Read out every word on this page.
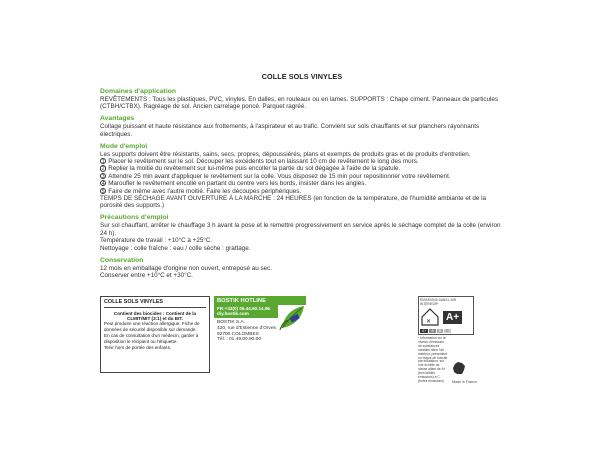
COLLE SOLS VINYLES
Domaines d'application

REVÊTEMENTS : Tous les plastiques, PVC, vinyles. En dalles, en rouleaux ou en lames. SUPPORTS : Chape ciment. Panneaux de particules (CTBH/CTBX). Ragréage de sol. Ancien carrelage poncé. Parquet ragréé.

Avantages

Collage puissant et haute résistance aux frottements, à l'aspirateur et au trafic. Convient sur sols chauffants et sur planchers rayonnants électriques.

Mode d'emploi

Les supports doivent être résistants, sains, secs, propres, dépoussiérés, plans et exempts de produits gras et de produits d'entretien.

1 Placer le revêtement sur le sol. Découper les excédents tout en laissant 10 cm de revêtement le long des murs.

2 Replier la moitié du revêtement sur lui-même puis encoller la partie du sol dégagée à l'aide de la spatule.

3 Attendre 25 min avant d'appliquer le revêtement sur la colle. Vous disposez de 15 min pour repositionner votre revêtement.

4 Maroufler le revêtement encollé en partant du centre vers les bords, insister dans les angles.

5 Faire de même avec l'autre moitié. Faire les découpes périphériques.

TEMPS DE SÉCHAGE AVANT OUVERTURE À LA MARCHE : 24 HEURES (en fonction de la température, de l'humidité ambiante et de la porosité des supports.)

Précautions d'emploi

Sur sol chauffant, arrêter le chauffage 3 h avant la pose et le remettre progressivement en service après le séchage complet de la colle (environ 24 h).

Température de travail : +10°C à +25°C.

Nettoyage : colle fraîche : eau / colle sèche : grattage.

Conservation

12 mois en emballage d'origine non ouvert, entreposé au sec.

Conserver entre +10°C et +30°C.

COLLE SOLS VINYLES
Contient des biocides : Contient de la
CLMIT/MIT (3:1) et du BIT.
Peut produire une réaction allergique. Fiche de données de sécurité disponible sur demande.
En cas de consultation d'un médecin, garder à disposition le récipient ou l'étiquette.
Tenir hors de portée des enfants.
BOSTIK HOTLINE
FR:+33(0) 06.44.60.14.96
diy.bostik.com
BOSTIK S.A.
420, rue d'Estienne d'Orves
92700 COLOMBES
Tél. : 01.49.00.90.00
ÉMISSIONS DANS L'AIR INTÉRIEUR*
✕	A+
A+	A	B	C
* Information sur le niveau d'émission de substances volatiles dans l'air intérieur, présentant un risque de toxicité par inhalation, sur une échelle de classe allant de A+ (très faibles émissions) à C (fortes émissions)	Made in France
